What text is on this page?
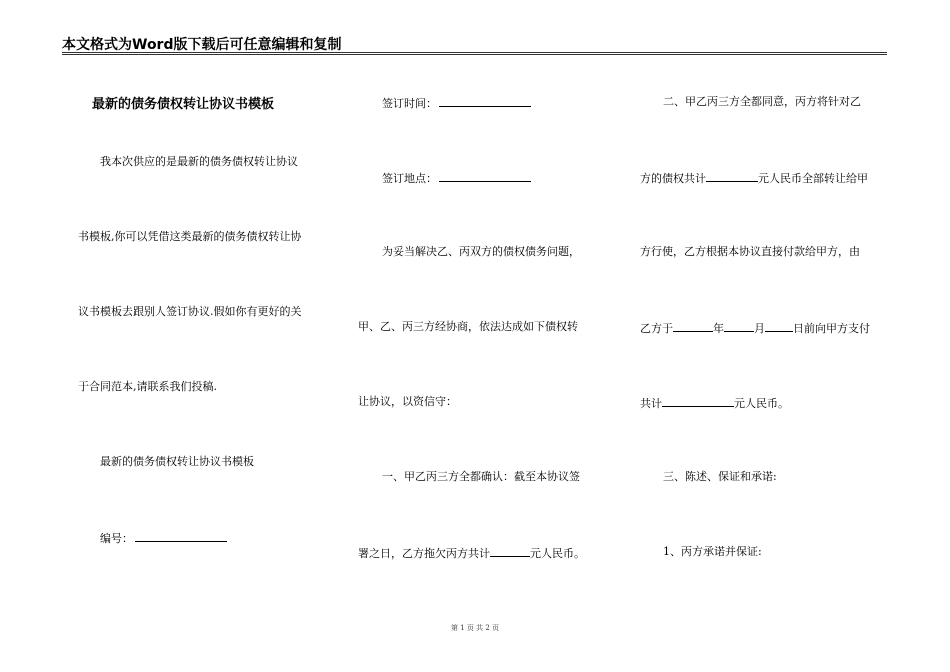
本文格式为Word版下载后可任意编辑和复制
最新的债务债权转让协议书模板
我本次供应的是最新的债务债权转让协议
书模板,你可以凭借这类最新的债务债权转让协
议书模板去跟别人签订协议.假如你有更好的关
于合同范本,请联系我们投稿.
最新的债务债权转让协议书模板
编号：
签订时间：
签订地点：
为妥当解决乙、丙双方的债权债务问题，
甲、乙、丙三方经协商，依法达成如下债权转
让协议，以资信守：
一、甲乙丙三方全都确认：截至本协议签
署之日，乙方拖欠丙方共计	元人民币。
二、甲乙丙三方全都同意，丙方将针对乙
方的债权共计	元人民币全部转让给甲
方行使，乙方根据本协议直接付款给甲方，由
乙方于	年	月	日前向甲方支付
共计	元人民币。
三、陈述、保证和承诺:
1、丙方承诺并保证:
第 1 页 共 2 页
